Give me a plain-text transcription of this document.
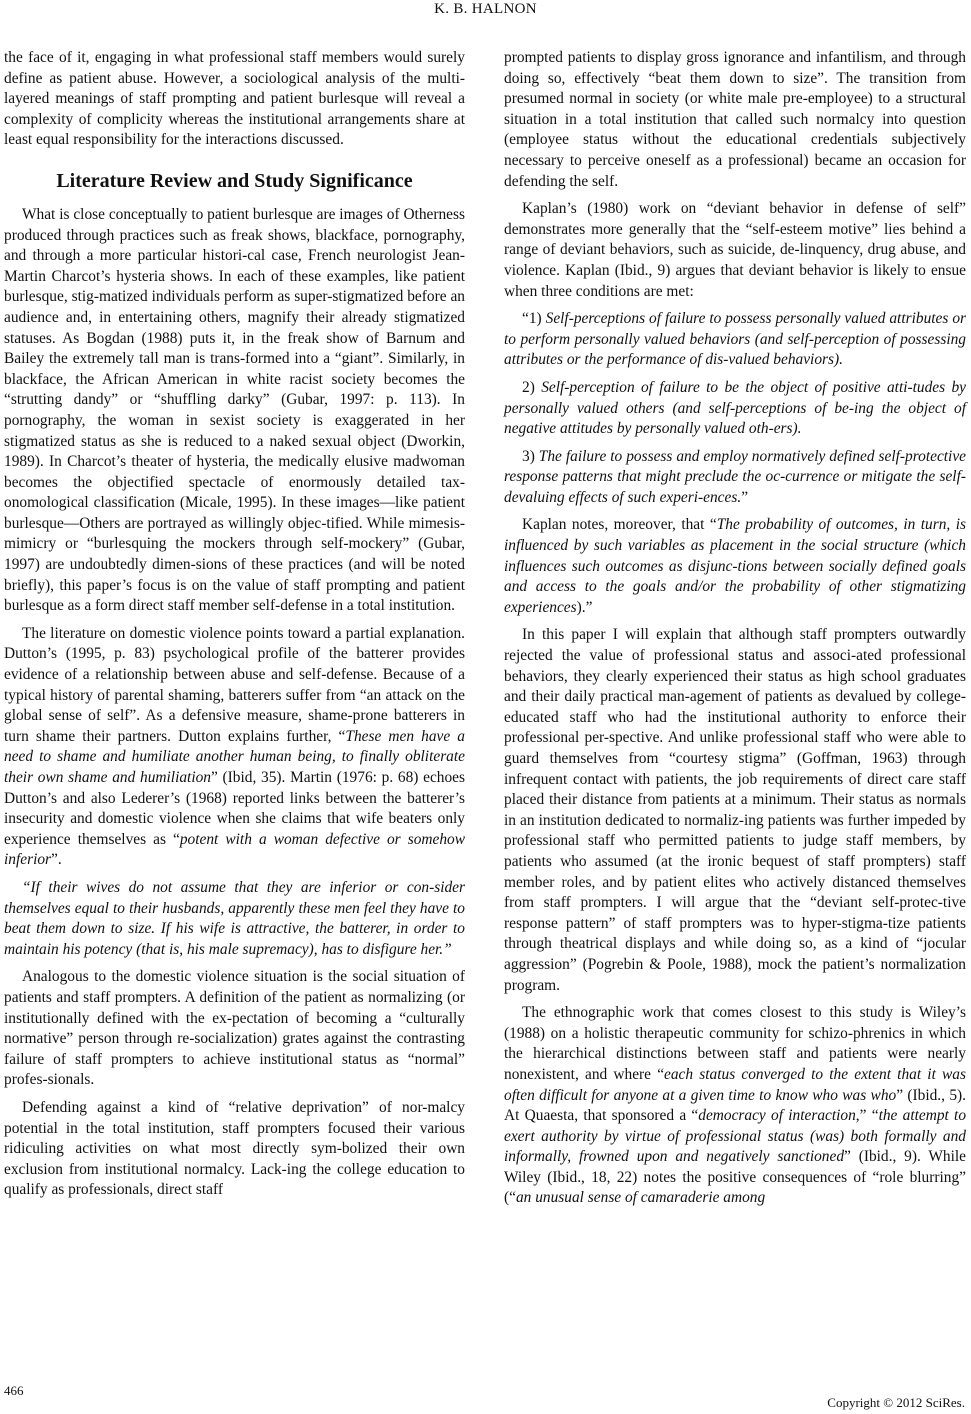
K. B. HALNON

the face of it, engaging in what professional staff members would surely define as patient abuse. However, a sociological analysis of the multi-layered meanings of staff prompting and patient burlesque will reveal a complexity of complicity whereas the institutional arrangements share at least equal responsibility for the interactions discussed.

Literature Review and Study Significance

What is close conceptually to patient burlesque are images of Otherness produced through practices such as freak shows, blackface, pornography, and through a more particular histori-cal case, French neurologist Jean-Martin Charcot’s hysteria shows. In each of these examples, like patient burlesque, stig-matized individuals perform as super-stigmatized before an audience and, in entertaining others, magnify their already stigmatized statuses. As Bogdan (1988) puts it, in the freak show of Barnum and Bailey the extremely tall man is trans-formed into a “giant”. Similarly, in blackface, the African American in white racist society becomes the “strutting dandy” or “shuffling darky” (Gubar, 1997: p. 113). In pornography, the woman in sexist society is exaggerated in her stigmatized status as she is reduced to a naked sexual object (Dworkin, 1989). In Charcot’s theater of hysteria, the medically elusive madwoman becomes the objectified spectacle of enormously detailed tax-onomological classification (Micale, 1995). In these images—like patient burlesque—Others are portrayed as willingly objec-tified. While mimesis-mimicry or “burlesquing the mockers through self-mockery” (Gubar, 1997) are undoubtedly dimen-sions of these practices (and will be noted briefly), this paper’s focus is on the value of staff prompting and patient burlesque as a form direct staff member self-defense in a total institution.

The literature on domestic violence points toward a partial explanation. Dutton’s (1995, p. 83) psychological profile of the batterer provides evidence of a relationship between abuse and self-defense. Because of a typical history of parental shaming, batterers suffer from “an attack on the global sense of self”. As a defensive measure, shame-prone batterers in turn shame their partners. Dutton explains further, “These men have a need to shame and humiliate another human being, to finally obliterate their own shame and humiliation” (Ibid, 35). Martin (1976: p. 68) echoes Dutton’s and also Lederer’s (1968) reported links between the batterer’s insecurity and domestic violence when she claims that wife beaters only experience themselves as “potent with a woman defective or somehow inferior”.

“If their wives do not assume that they are inferior or con-sider themselves equal to their husbands, apparently these men feel they have to beat them down to size. If his wife is attractive, the batterer, in order to maintain his potency (that is, his male supremacy), has to disfigure her.”

Analogous to the domestic violence situation is the social situation of patients and staff prompters. A definition of the patient as normalizing (or institutionally defined with the ex-pectation of becoming a “culturally normative” person through re-socialization) grates against the contrasting failure of staff prompters to achieve institutional status as “normal” profes-sionals.

Defending against a kind of “relative deprivation” of nor-malcy potential in the total institution, staff prompters focused their various ridiculing activities on what most directly sym-bolized their own exclusion from institutional normalcy. Lack-ing the college education to qualify as professionals, direct staff

prompted patients to display gross ignorance and infantilism, and through doing so, effectively “beat them down to size”. The transition from presumed normal in society (or white male pre-employee) to a structural situation in a total institution that called such normalcy into question (employee status without the educational credentials subjectively necessary to perceive oneself as a professional) became an occasion for defending the self.

Kaplan’s (1980) work on “deviant behavior in defense of self” demonstrates more generally that the “self-esteem motive” lies behind a range of deviant behaviors, such as suicide, de-linquency, drug abuse, and violence. Kaplan (Ibid., 9) argues that deviant behavior is likely to ensue when three conditions are met:

“1) Self-perceptions of failure to possess personally valued attributes or to perform personally valued behaviors (and self-perception of possessing attributes or the performance of dis-valued behaviors).

2) Self-perception of failure to be the object of positive atti-tudes by personally valued others (and self-perceptions of be-ing the object of negative attitudes by personally valued oth-ers).

3) The failure to possess and employ normatively defined self-protective response patterns that might preclude the oc-currence or mitigate the self-devaluing effects of such experi-ences.”

Kaplan notes, moreover, that “The probability of outcomes, in turn, is influenced by such variables as placement in the social structure (which influences such outcomes as disjunc-tions between socially defined goals and access to the goals and/or the probability of other stigmatizing experiences).”

In this paper I will explain that although staff prompters outwardly rejected the value of professional status and associ-ated professional behaviors, they clearly experienced their status as high school graduates and their daily practical man-agement of patients as devalued by college-educated staff who had the institutional authority to enforce their professional per-spective. And unlike professional staff who were able to guard themselves from “courtesy stigma” (Goffman, 1963) through infrequent contact with patients, the job requirements of direct care staff placed their distance from patients at a minimum. Their status as normals in an institution dedicated to normaliz-ing patients was further impeded by professional staff who permitted patients to judge staff members, by patients who assumed (at the ironic bequest of staff prompters) staff member roles, and by patient elites who actively distanced themselves from staff prompters. I will argue that the “deviant self-protec-tive response pattern” of staff prompters was to hyper-stigma-tize patients through theatrical displays and while doing so, as a kind of “jocular aggression” (Pogrebin & Poole, 1988), mock the patient’s normalization program.

The ethnographic work that comes closest to this study is Wiley’s (1988) on a holistic therapeutic community for schizo-phrenics in which the hierarchical distinctions between staff and patients were nearly nonexistent, and where “each status converged to the extent that it was often difficult for anyone at a given time to know who was who” (Ibid., 5). At Quaesta, that sponsored a “democracy of interaction,” “the attempt to exert authority by virtue of professional status (was) both formally and informally, frowned upon and negatively sanctioned” (Ibid., 9). While Wiley (Ibid., 18, 22) notes the positive consequences of “role blurring” (“an unusual sense of camaraderie among

466
Copyright © 2012 SciRes.
